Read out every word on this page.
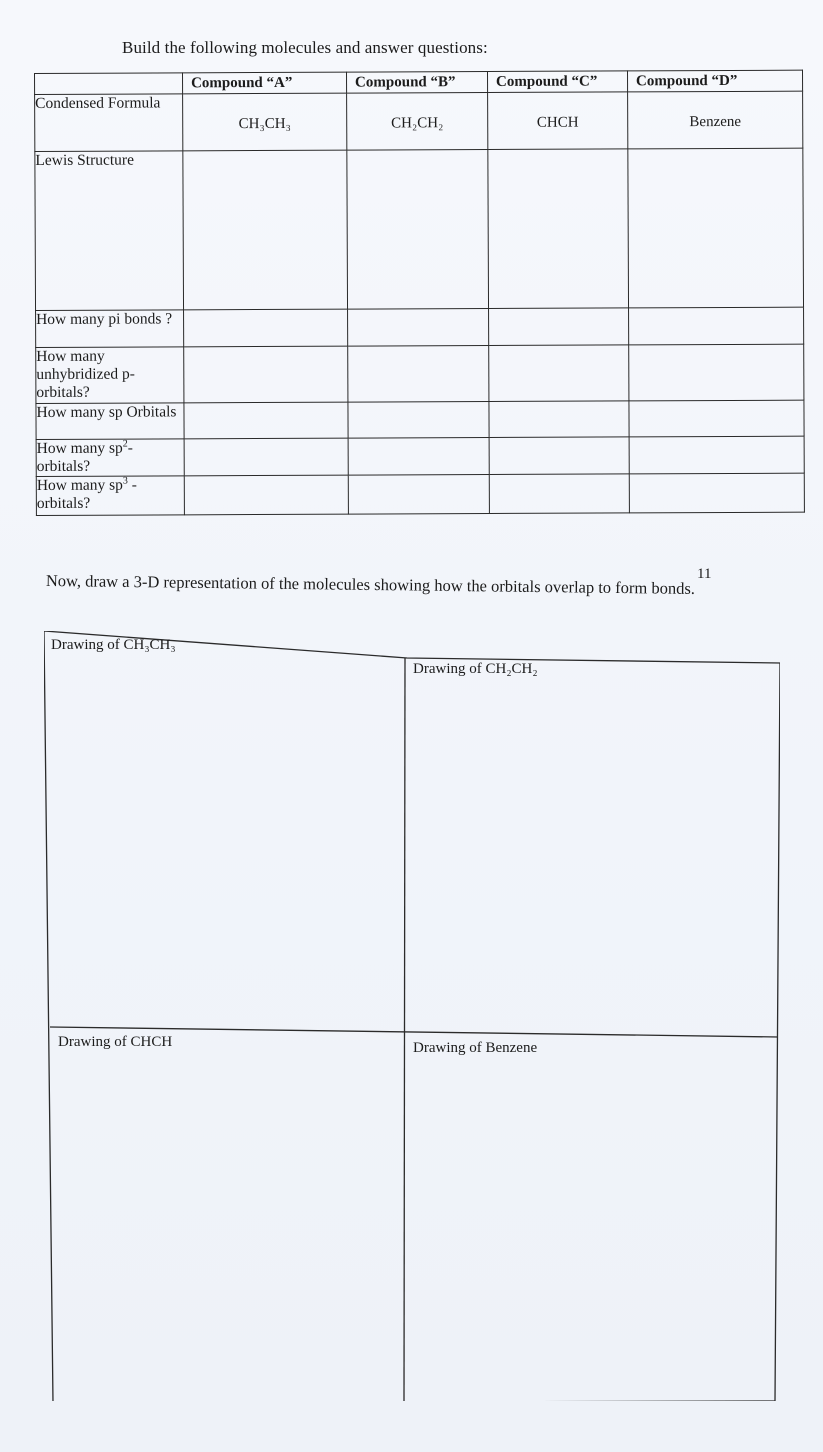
Build the following molecules and answer questions:
	Compound “A”	Compound “B”	Compound “C”	Compound “D”
Condensed Formula	CH₃CH₃	CH₂CH₂	CHCH	Benzene
Lewis Structure				
How many pi bonds ?				
How many unhybridized p-orbitals?				
How many sp Orbitals				
How many $sp^2$-orbitals?				
How many $sp^3$ -orbitals?				
11
Now, draw a 3-D representation of the molecules showing how the orbitals overlap to form bonds.
Drawing of CH₃CH₃
Drawing of CH₂CH₂
Drawing of CHCH	Drawing of Benzene
